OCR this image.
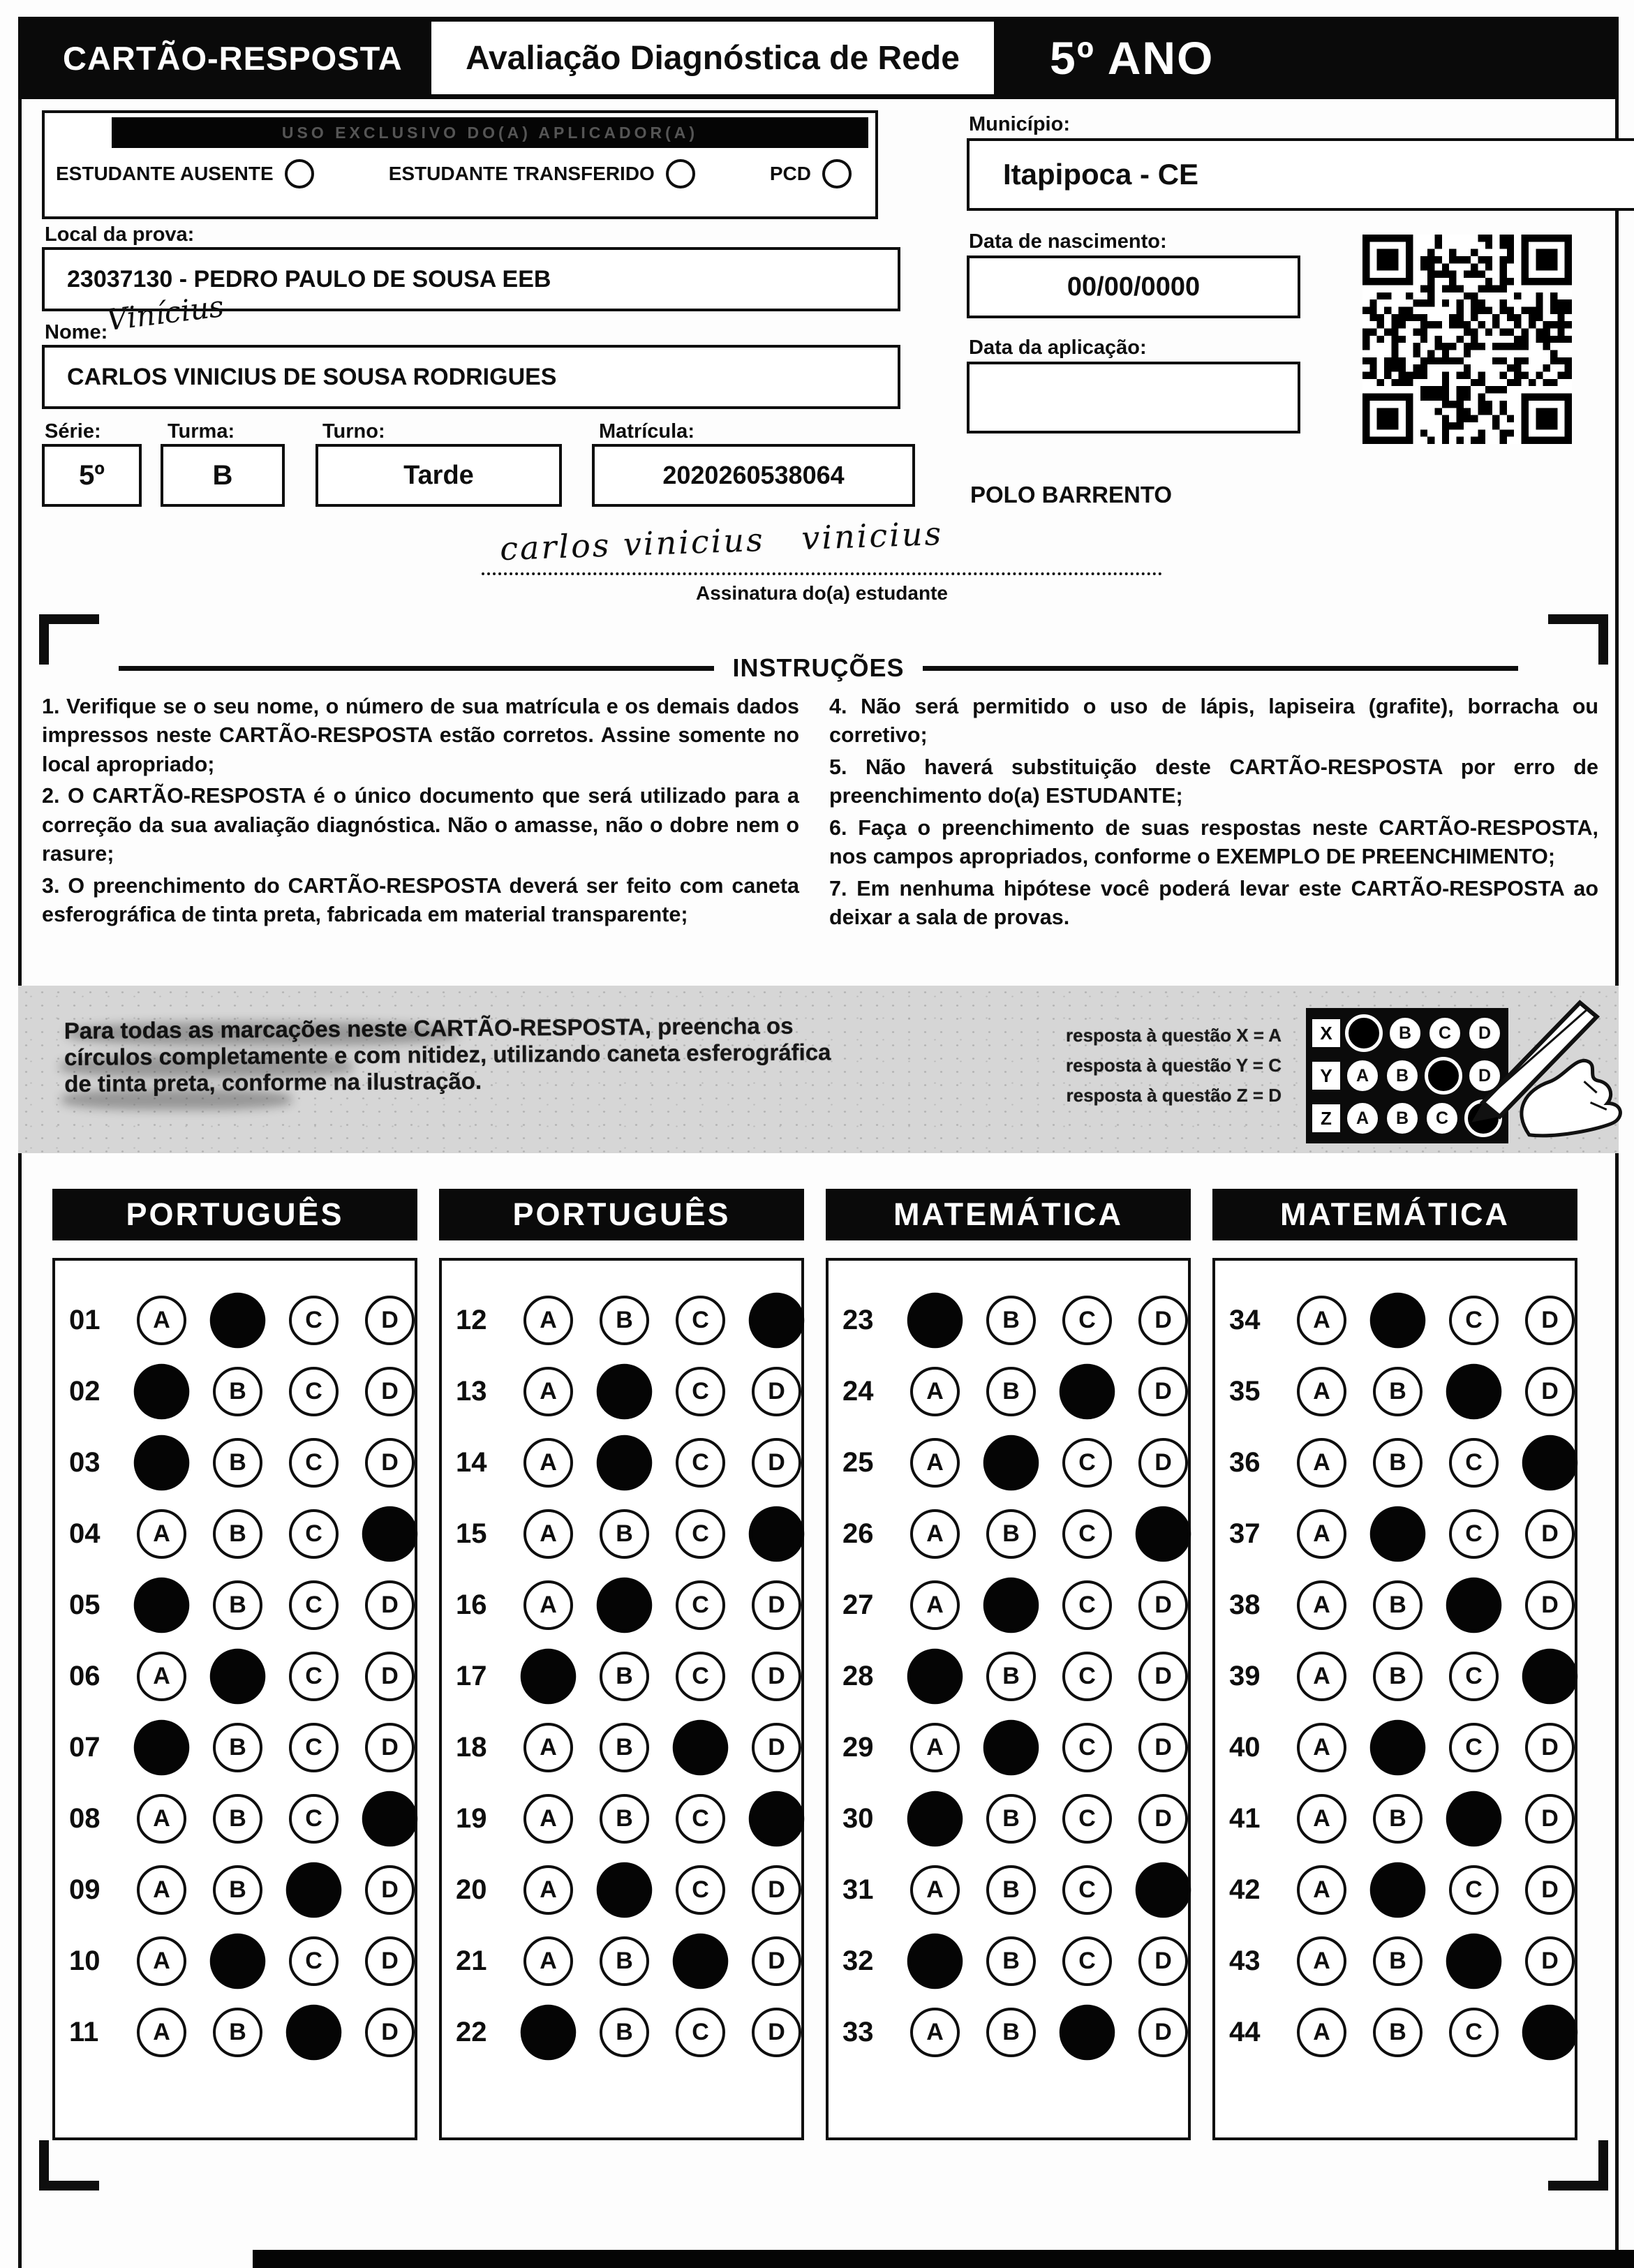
CARTÃO-RESPOSTA	Avaliação Diagnóstica de Rede	5º ANO
USO EXCLUSIVO DO(A) APLICADOR(A)
ESTUDANTE AUSENTE	ESTUDANTE TRANSFERIDO	PCD
Local da prova:
23037130 - PEDRO PAULO DE SOUSA EEB
Nome:
Vinícius
CARLOS VINICIUS DE SOUSA RODRIGUES
Série:
5º
Turma:
B
Turno:
Tarde
Matrícula:
2020260538064
Município:
Itapipoca - CE
Data de nascimento:
00/00/0000
Data da aplicação:
POLO BARRENTO
carlos vinicius   vinicius
Assinatura do(a) estudante
INSTRUÇÕES

1. Verifique se o seu nome, o número de sua matrícula e os demais dados impressos neste CARTÃO-RESPOSTA estão corretos. Assine somente no local apropriado;

2. O CARTÃO-RESPOSTA é o único documento que será utilizado para a correção da sua avaliação diagnóstica. Não o amasse, não o dobre nem o rasure;

3. O preenchimento do CARTÃO-RESPOSTA deverá ser feito com caneta esferográfica de tinta preta, fabricada em material transparente;

4. Não será permitido o uso de lápis, lapiseira (grafite), borracha ou corretivo;

5. Não haverá substituição deste CARTÃO-RESPOSTA por erro de preenchimento do(a) ESTUDANTE;

6. Faça o preenchimento de suas respostas neste CARTÃO-RESPOSTA, nos campos apropriados, conforme o EXEMPLO DE PREENCHIMENTO;

7. Em nenhuma hipótese você poderá levar este CARTÃO-RESPOSTA ao deixar a sala de provas.

Para todas as marcações neste CARTÃO-RESPOSTA, preencha os círculos completamente e com nitidez, utilizando caneta esferográfica de tinta preta, conforme na ilustração.
resposta à questão X = A
resposta à questão Y = C
resposta à questão Z = D
X	B	C	D
Y	A	B	D
Z	A	B	C
PORTUGUÊS
01	A	C	D
02	B	C	D
03	B	C	D
04	A	B	C
05	B	C	D
06	A	C	D
07	B	C	D
08	A	B	C
09	A	B	D
10	A	C	D
11	A	B	D
PORTUGUÊS
12	A	B	C
13	A	C	D
14	A	C	D
15	A	B	C
16	A	C	D
17	B	C	D
18	A	B	D
19	A	B	C
20	A	C	D
21	A	B	D
22	B	C	D
MATEMÁTICA
23	B	C	D
24	A	B	D
25	A	C	D
26	A	B	C
27	A	C	D
28	B	C	D
29	A	C	D
30	B	C	D
31	A	B	C
32	B	C	D
33	A	B	D
MATEMÁTICA
34	A	C	D
35	A	B	D
36	A	B	C
37	A	C	D
38	A	B	D
39	A	B	C
40	A	C	D
41	A	B	D
42	A	C	D
43	A	B	D
44	A	B	C
